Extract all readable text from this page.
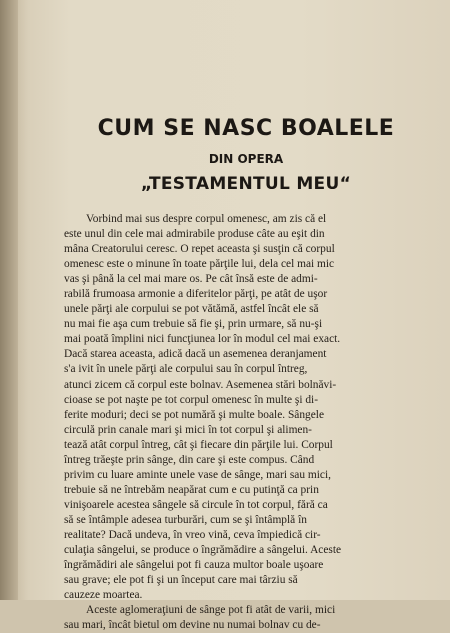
CUM SE NASC BOALELE
DIN OPERA
„TESTAMENTUL MEU“

Vorbind mai sus despre corpul omenesc, am zis că el
este unul din cele mai admirabile produse câte au eşit din
mâna Creatorului ceresc. O repet aceasta şi susţin că corpul
omenesc este o minune în toate părţile lui, dela cel mai mic
vas şi până la cel mai mare os. Pe cât însă este de admi-
rabilă frumoasa armonie a diferitelor părţi, pe atât de uşor
unele părţi ale corpului se pot vătămă, astfel încât ele să
nu mai fie aşa cum trebuie să fie şi, prin urmare, să nu-şi
mai poată împlini nici funcţiunea lor în modul cel mai exact.
Dacă starea aceasta, adică dacă un asemenea deranjament
s'a ivit în unele părţi ale corpului sau în corpul întreg,
atunci zicem că corpul este bolnav. Asemenea stări bolnăvi-
cioase se pot naşte pe tot corpul omenesc în multe şi di-
ferite moduri; deci se pot numără şi multe boale. Sângele
circulă prin canale mari şi mici în tot corpul şi alimen-
tează atât corpul întreg, cât şi fiecare din părţile lui. Corpul
întreg trăeşte prin sânge, din care şi este compus. Când
privim cu luare aminte unele vase de sânge, mari sau mici,
trebuie să ne întrebăm neapărat cum e cu putinţă ca prin
vinişoarele acestea sângele să circule în tot corpul, fără ca
să se întâmple adesea turburări, cum se şi întâmplă în
realitate? Dacă undeva, în vreo vină, ceva împiedică cir-
culaţia sângelui, se produce o îngrămădire a sângelui. Aceste
îngrămădiri ale sângelui pot fi cauza multor boale uşoare
sau grave; ele pot fi şi un început care mai târziu să
cauzeze moartea.

Aceste aglomeraţiuni de sânge pot fi atât de varii, mici
sau mari, încât bietul om devine nu numai bolnav cu de-
